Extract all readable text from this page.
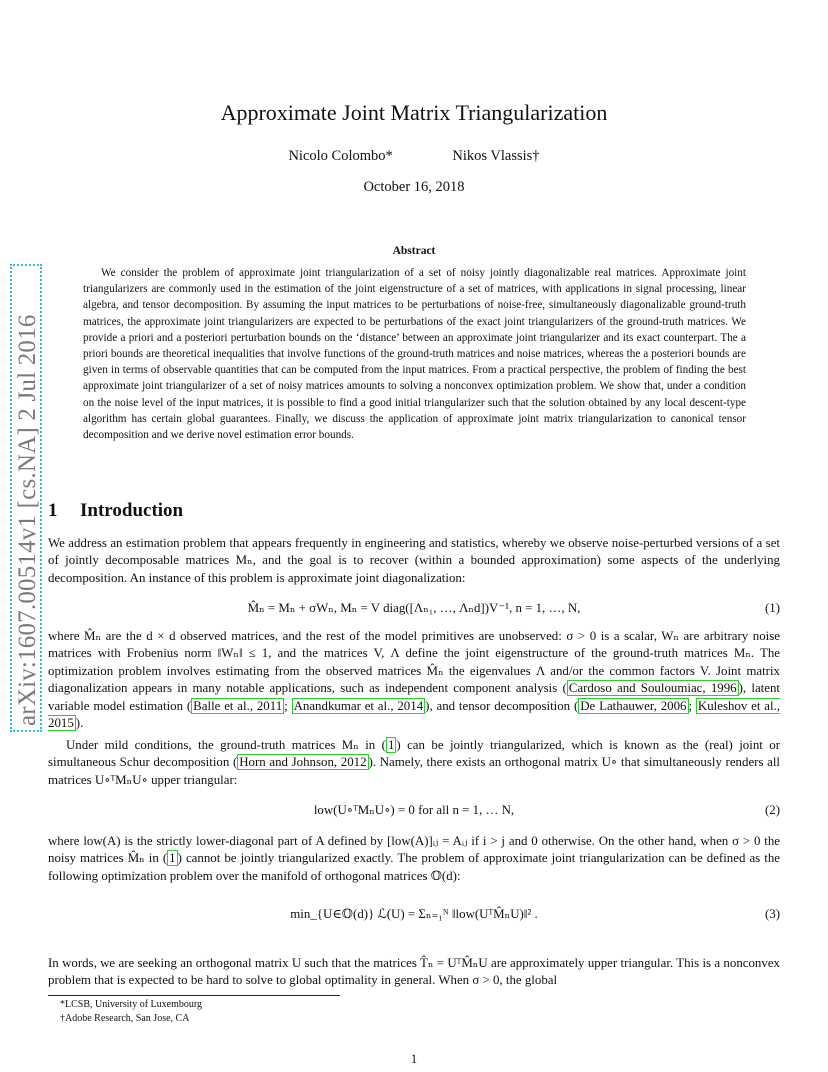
arXiv:1607.00514v1 [cs.NA] 2 Jul 2016
Approximate Joint Matrix Triangularization
Nicolo Colombo*	Nikos Vlassis†
October 16, 2018
Abstract
We consider the problem of approximate joint triangularization of a set of noisy jointly diagonalizable real matrices. Approximate joint triangularizers are commonly used in the estimation of the joint eigenstructure of a set of matrices, with applications in signal processing, linear algebra, and tensor decomposition. By assuming the input matrices to be perturbations of noise-free, simultaneously diagonalizable ground-truth matrices, the approximate joint triangularizers are expected to be perturbations of the exact joint triangularizers of the ground-truth matrices. We provide a priori and a posteriori perturbation bounds on the ‘distance’ between an approximate joint triangularizer and its exact counterpart. The a priori bounds are theoretical inequalities that involve functions of the ground-truth matrices and noise matrices, whereas the a posteriori bounds are given in terms of observable quantities that can be computed from the input matrices. From a practical perspective, the problem of finding the best approximate joint triangularizer of a set of noisy matrices amounts to solving a nonconvex optimization problem. We show that, under a condition on the noise level of the input matrices, it is possible to find a good initial triangularizer such that the solution obtained by any local descent-type algorithm has certain global guarantees. Finally, we discuss the application of approximate joint matrix triangularization to canonical tensor decomposition and we derive novel estimation error bounds.
1 Introduction
We address an estimation problem that appears frequently in engineering and statistics, whereby we observe noise-perturbed versions of a set of jointly decomposable matrices Mₙ, and the goal is to recover (within a bounded approximation) some aspects of the underlying decomposition. An instance of this problem is approximate joint diagonalization:
M̂ₙ = Mₙ + σWₙ, Mₙ = V diag([Λₙ₁, …, Λₙd])V⁻¹, n = 1, …, N,	(1)
where M̂ₙ are the d × d observed matrices, and the rest of the model primitives are unobserved: σ > 0 is a scalar, Wₙ are arbitrary noise matrices with Frobenius norm ‖Wₙ‖ ≤ 1, and the matrices V, Λ define the joint eigenstructure of the ground-truth matrices Mₙ. The optimization problem involves estimating from the observed matrices M̂ₙ the eigenvalues Λ and/or the common factors V. Joint matrix diagonalization appears in many notable applications, such as independent component analysis ( Cardoso and Souloumiac, 1996 ), latent variable model estimation ( Balle et al., 2011 ; Anandkumar et al., 2014 ), and tensor decomposition ( De Lathauwer, 2006 ; Kuleshov et al., 2015 ).
Under mild conditions, the ground-truth matrices Mₙ in ( 1 ) can be jointly triangularized, which is known as the (real) joint or simultaneous Schur decomposition ( Horn and Johnson, 2012 ). Namely, there exists an orthogonal matrix U∘ that simultaneously renders all matrices U∘ᵀMₙU∘ upper triangular:
low(U∘ᵀMₙU∘) = 0 for all n = 1, … N,	(2)
where low(A) is the strictly lower-diagonal part of A defined by [low(A)]ᵢⱼ = Aᵢⱼ if i > j and 0 otherwise. On the other hand, when σ > 0 the noisy matrices M̂ₙ in ( 1 ) cannot be jointly triangularized exactly. The problem of approximate joint triangularization can be defined as the following optimization problem over the manifold of orthogonal matrices 𝕆(d):
min_{U∈𝕆(d)} ℒ(U) = Σₙ₌₁ᴺ ‖low(UᵀM̂ₙU)‖² .	(3)
In words, we are seeking an orthogonal matrix U such that the matrices T̂ₙ = UᵀM̂ₙU are approximately upper triangular. This is a nonconvex problem that is expected to be hard to solve to global optimality in general. When σ > 0, the global
*LCSB, University of Luxembourg
†Adobe Research, San Jose, CA
1
